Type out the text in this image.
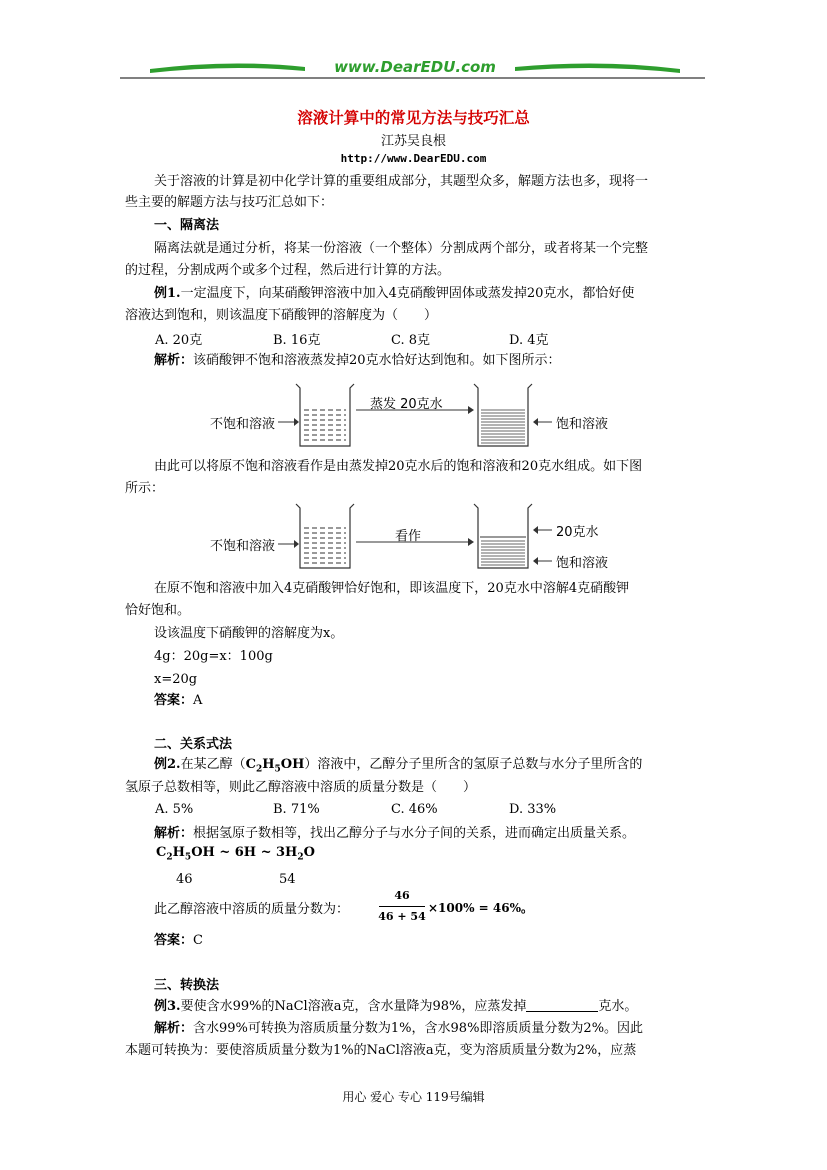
www.DearEDU.com
溶液计算中的常见方法与技巧汇总
江苏吴良根
http://www.DearEDU.com
关于溶液的计算是初中化学计算的重要组成部分，其题型众多，解题方法也多，现将一
些主要的解题方法与技巧汇总如下：
一、隔离法
隔离法就是通过分析，将某一份溶液（一个整体）分割成两个部分，或者将某一个完整
的过程，分割成两个或多个过程，然后进行计算的方法。
例1.一定温度下，向某硝酸钾溶液中加入4克硝酸钾固体或蒸发掉20克水，都恰好使
溶液达到饱和，则该温度下硝酸钾的溶解度为（　　）
A. 20克	B. 16克	C. 8克	D. 4克
解析：该硝酸钾不饱和溶液蒸发掉20克水恰好达到饱和。如下图所示：
不饱和溶液
蒸发 20克水
饱和溶液
由此可以将原不饱和溶液看作是由蒸发掉20克水后的饱和溶液和20克水组成。如下图
所示：
不饱和溶液
看作	20克水
饱和溶液
在原不饱和溶液中加入4克硝酸钾恰好饱和，即该温度下，20克水中溶解4克硝酸钾
恰好饱和。
设该温度下硝酸钾的溶解度为x。
4g：20g=x：100g
x=20g
答案：A
二、关系式法
例2.在某乙醇$(C_2H_5OH)$溶液中，乙醇分子里所含的氢原子总数与水分子里所含的
氢原子总数相等，则此乙醇溶液中溶质的质量分数是（　　）
A. 5%	B. 71%	C. 46%	D. 33%
解析：根据氢原子数相等，找出乙醇分子与水分子间的关系，进而确定出质量关系。
$C_2H_5OH$ ~ 6H ~ $3H_2O$
46	54
此乙醇溶液中溶质的质量分数为：
46
46 + 54
×100% = 46%。
答案：C
三、转换法
例3.要使含水99%的NaCl溶液a克，含水量降为98%，应蒸发掉	克水。
解析：含水99%可转换为溶质质量分数为1%，含水98%即溶质质量分数为2%。因此
本题可转换为：要使溶质质量分数为1%的NaCl溶液a克，变为溶质质量分数为2%，应蒸
用心 爱心 专心 119号编辑
